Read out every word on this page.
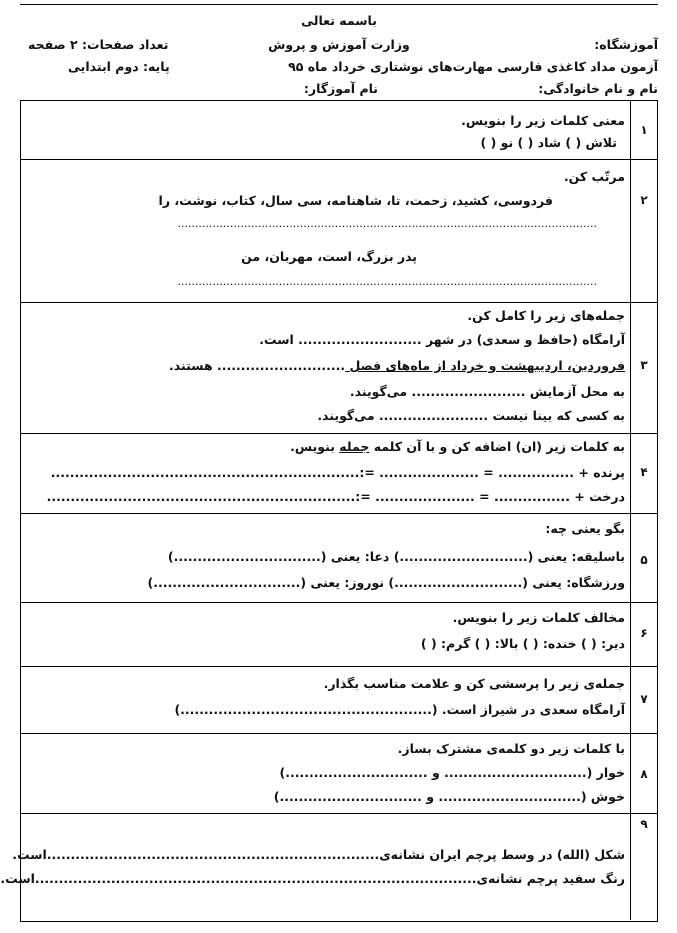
باسمه تعالی
آموزشگاه:
وزارت آموزش و پروش
تعداد صفحات: ۲ صفحه
آزمون مداد کاغذی فارسی مهارت‌های نوشتاری خرداد ماه ۹۵
پایه: دوم ابتدایی
نام و نام خانوادگی:
نام آموزگار:
۱
معنی کلمات زیر را بنویس.
تلاش ( ) شاد ( ) نو ( )
۲
مرتّب کن.
فردوسی، کشید، زحمت، تا، شاهنامه، سی سال، کتاب، نوشت، را
........................................................................................................................
پدر بزرگ، است، مهربان، من
........................................................................................................................
۳
جمله‌های زیر را کامل کن.
آرامگاه (حافظ و سعدی) در شهر .......................... است.
فروردین، اردیبهشت و خرداد از ماه‌های فصل ........................... هستند.
به محل آزمایش ........................ می‌گویند.
به کسی که بینا نیست ....................... می‌گویند.
۴
به کلمات زیر (ان) اضافه کن و با آن کلمه جمله بنویس.
پرنده + ................ = ..................... =:.................................................................
درخت + ................ = ..................... =:.................................................................
۵
بگو یعنی چه:
باسلیقه: یعنی (...........................) دعا: یعنی (...............................)
ورزشگاه: یعنی (...........................) نوروز: یعنی (...............................)
۶
مخالف کلمات زیر را بنویس.
دیر: ( ) خنده: ( ) بالا: ( ) گرم: ( )
۷
جمله‌ی زیر را پرسشی کن و علامت مناسب بگذار.
آرامگاه سعدی در شیراز است. (.....................................................)
۸
با کلمات زیر دو کلمه‌ی مشترک بساز.
خوار (.............................. و ..............................)
خوش (.............................. و ..............................)
۹
شکل (الله) در وسط پرچم ایران نشانه‌ی......................................................................است.
رنگ سفید پرچم نشانه‌ی.............................................................................................است.
